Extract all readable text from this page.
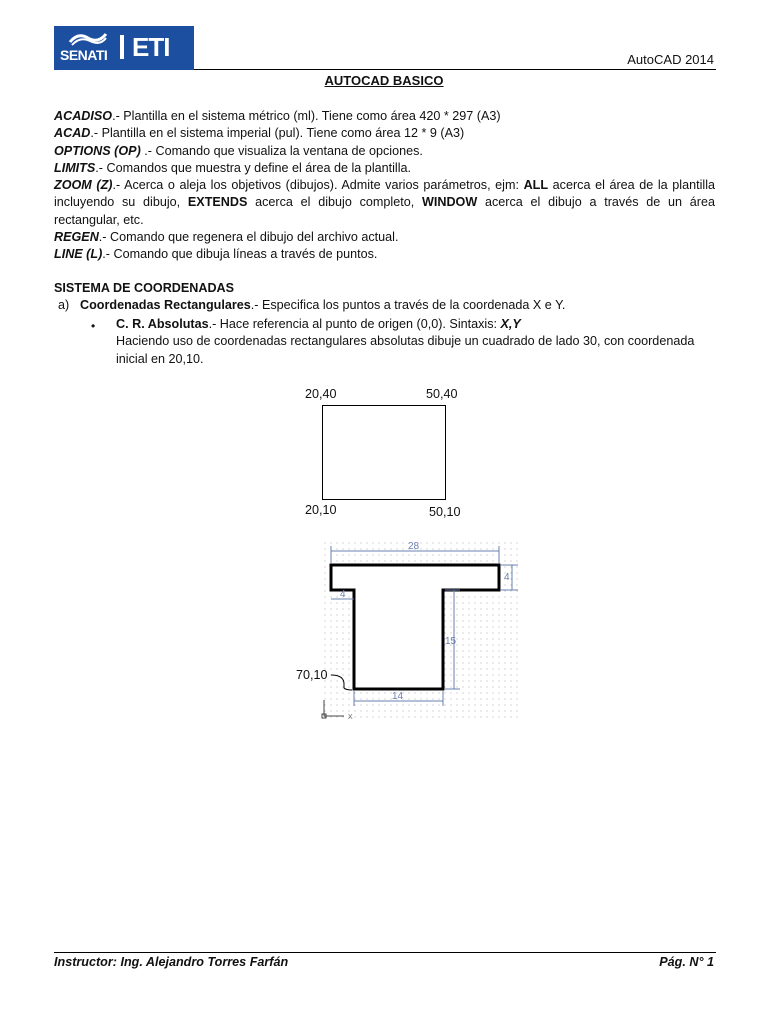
SENATI ETI	AutoCAD 2014
AUTOCAD BASICO

ACADISO.- Plantilla en el sistema métrico (ml). Tiene como área 420 * 297 (A3)

ACAD.- Plantilla en el sistema imperial (pul). Tiene como área 12 * 9 (A3)

OPTIONS (OP) .- Comando que visualiza la ventana de opciones.

LIMITS.- Comandos que muestra y define el área de la plantilla.

ZOOM (Z).- Acerca o aleja los objetivos (dibujos). Admite varios parámetros, ejm: ALL acerca el área de la plantilla incluyendo su dibujo, EXTENDS acerca el dibujo completo, WINDOW acerca el dibujo a través de un área rectangular, etc.

REGEN.- Comando que regenera el dibujo del archivo actual.

LINE (L).- Comando que dibuja líneas a través de puntos.

SISTEMA DE COORDENADAS
a) Coordenadas Rectangulares.- Especifica los puntos a través de la coordenada X e Y.
• C. R. Absolutas.- Hace referencia al punto de origen (0,0). Sintaxis: X,Y
Haciendo uso de coordenadas rectangulares absolutas dibuje un cuadrado de lado 30, con coordenada inicial en 20,10.
20,40	50,40
20,10	50,10
28
4
4
15
14
X
70,10
Instructor: Ing. Alejandro Torres Farfán	Pág. N° 1
